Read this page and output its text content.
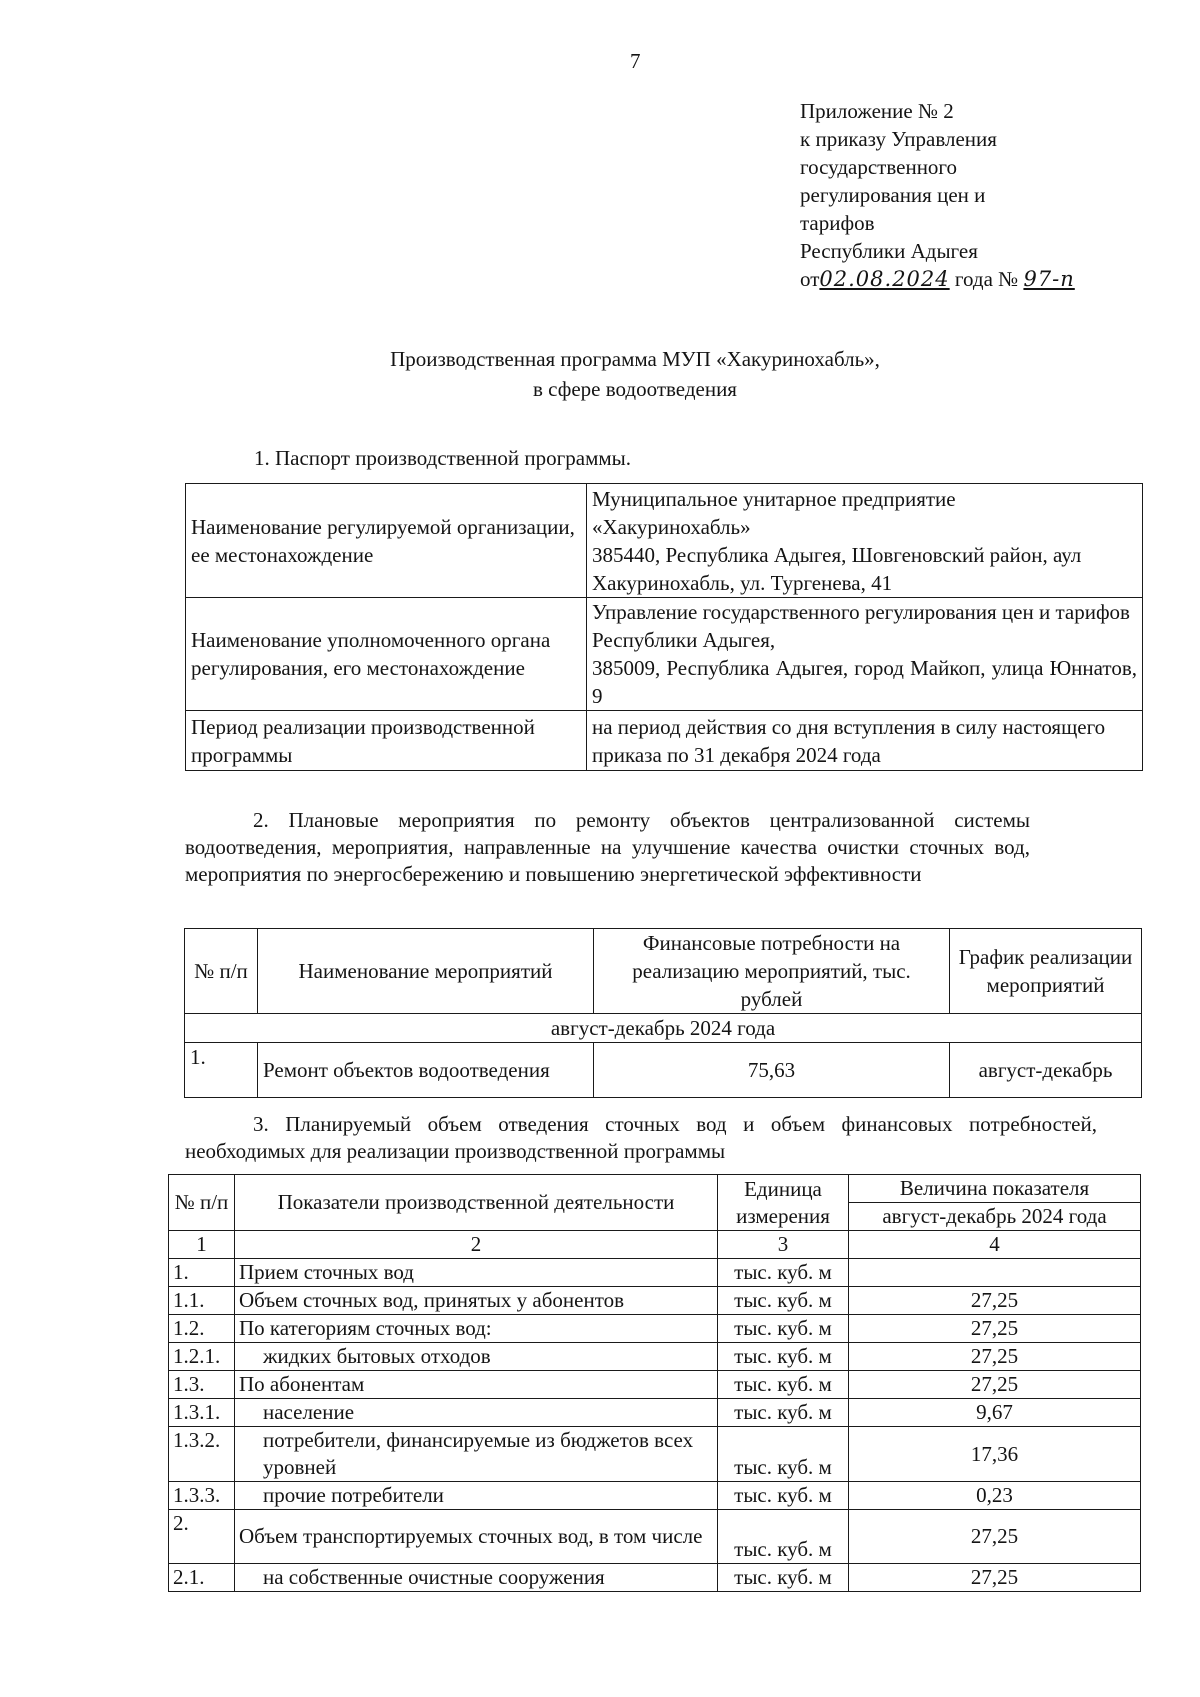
7
Приложение № 2
к приказу Управления
государственного
регулирования цен и
тарифов
Республики Адыгея
от02.08.2024 года № 97-п
Производственная программа МУП «Хакуринохабль»,
в сфере водоотведения
1. Паспорт производственной программы.
Наименование регулируемой организации, ее местонахождение	Муниципальное унитарное предприятие
«Хакуринохабль»
385440, Республика Адыгея, Шовгеновский район, аул Хакуринохабль, ул. Тургенева, 41

Наименование уполномоченного органа регулирования, его местонахождение	Управление государственного регулирования цен и тарифов Республики Адыгея,
385009, Республика Адыгея, город Майкоп, улица Юннатов, 9

Период реализации производственной программы	на период действия со дня вступления в силу настоящего приказа по 31 декабря 2024 года
2. Плановые мероприятия по ремонту объектов централизованной системы водоотведения, мероприятия, направленные на улучшение качества очистки сточных вод, мероприятия по энергосбережению и повышению энергетической эффективности
№ п/п	Наименование мероприятий	Финансовые потребности на реализацию мероприятий, тыс. рублей	График реализации мероприятий
август-декабрь 2024 года			
1.	Ремонт объектов водоотведения	75,63	август-декабрь
3. Планируемый объем отведения сточных вод и объем финансовых потребностей, необходимых для реализации производственной программы
№ п/п	Показатели производственной деятельности	Единица измерения	Величина показателя
			август-декабрь 2024 года
1	2	3	4
1.	Прием сточных вод	тыс. куб. м	
1.1.	Объем сточных вод, принятых у абонентов	тыс. куб. м	27,25
1.2.	По категориям сточных вод:	тыс. куб. м	27,25
1.2.1.	жидких бытовых отходов	тыс. куб. м	27,25
1.3.	По абонентам	тыс. куб. м	27,25
1.3.1.	население	тыс. куб. м	9,67
1.3.2.	потребители, финансируемые из бюджетов всех уровней	тыс. куб. м	17,36
1.3.3.	прочие потребители	тыс. куб. м	0,23
2.	Объем транспортируемых сточных вод, в том числе	тыс. куб. м	27,25
2.1.	на собственные очистные сооружения	тыс. куб. м	27,25
